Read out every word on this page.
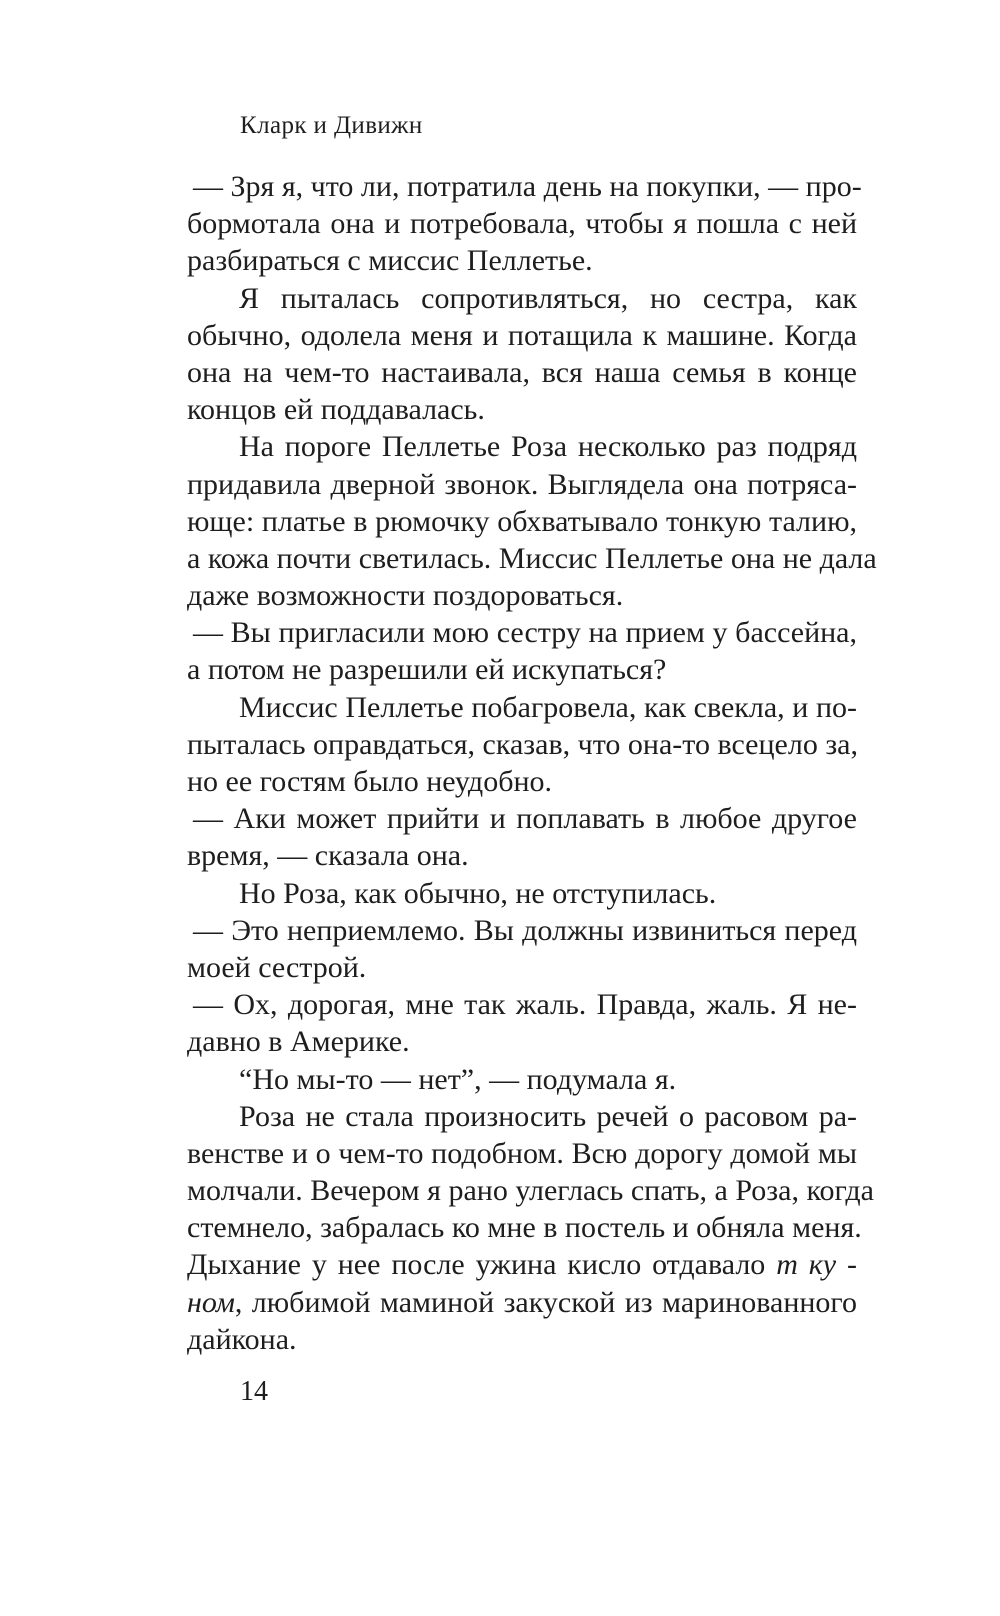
Кларк и Дивижн
— Зря я, что ли, потратила день на покупки, — про-
бормотала она и потребовала, чтобы я пошла с ней
разбираться с миссис Пеллетье.
Я пыталась сопротивляться, но сестра, как
обычно, одолела меня и потащила к машине. Когда
она на чем-то настаивала, вся наша семья в конце
концов ей поддавалась.
На пороге Пеллетье Роза несколько раз подряд
придавила дверной звонок. Выглядела она потряса-
юще: платье в рюмочку обхватывало тонкую талию,
а кожа почти светилась. Миссис Пеллетье она не дала
даже возможности поздороваться.
— Вы пригласили мою сестру на прием у бассейна,
а потом не разрешили ей искупаться?
Миссис Пеллетье побагровела, как свекла, и по-
пыталась оправдаться, сказав, что она-то всецело за,
но ее гостям было неудобно.
— Аки может прийти и поплавать в любое другое
время, — сказала она.
Но Роза, как обычно, не отступилась.
— Это неприемлемо. Вы должны извиниться перед
моей сестрой.
— Ох, дорогая, мне так жаль. Правда, жаль. Я не-
давно в Америке.
“Но мы-то — нет”, — подумала я.
Роза не стала произносить речей о расовом ра-
венстве и о чем-то подобном. Всю дорогу домой мы
молчали. Вечером я рано улеглась спать, а Роза, когда
стемнело, забралась ко мне в постель и обняла меня.
Дыхание у нее после ужина кисло отдавало т ку -
ном, любимой маминой закуской из маринованного
дайкона.
14
